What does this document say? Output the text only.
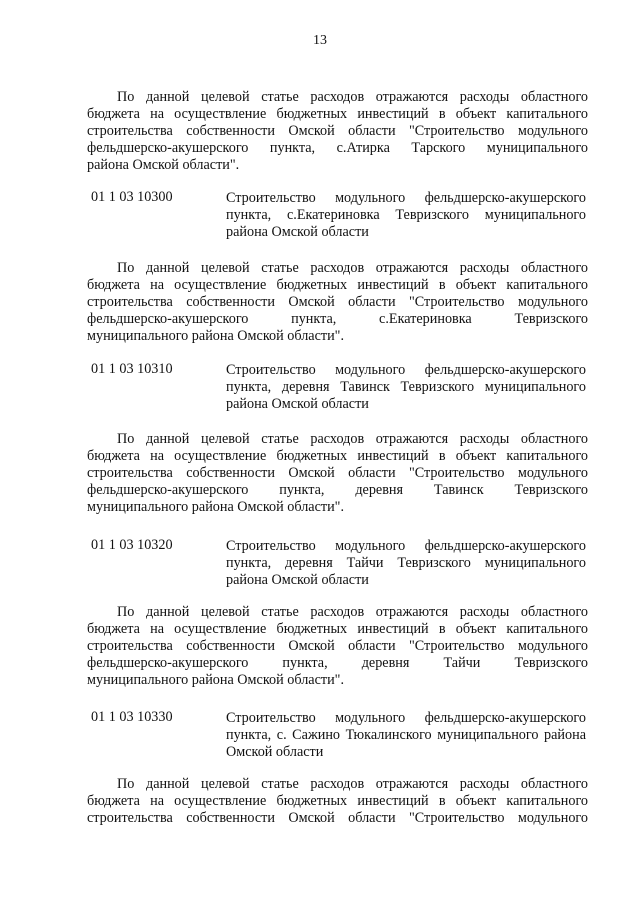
13
По данной целевой статье расходов отражаются расходы областного
бюджета на осуществление бюджетных инвестиций в объект капитального
строительства собственности Омской области "Строительство модульного
фельдшерско-акушерского пункта, с.Атирка Тарского муниципального
района Омской области".
01 1 03 10300	Строительство модульного фельдшерско-акушерского
пункта, с.Екатериновка Тевризского муниципального
района Омской области
По данной целевой статье расходов отражаются расходы областного
бюджета на осуществление бюджетных инвестиций в объект капитального
строительства собственности Омской области "Строительство модульного
фельдшерско-акушерского пункта, с.Екатериновка Тевризского
муниципального района Омской области".
01 1 03 10310	Строительство модульного фельдшерско-акушерского
пункта, деревня Тавинск Тевризского муниципального
района Омской области
По данной целевой статье расходов отражаются расходы областного
бюджета на осуществление бюджетных инвестиций в объект капитального
строительства собственности Омской области "Строительство модульного
фельдшерско-акушерского пункта, деревня Тавинск Тевризского
муниципального района Омской области".
01 1 03 10320	Строительство модульного фельдшерско-акушерского
пункта, деревня Тайчи Тевризского муниципального
района Омской области
По данной целевой статье расходов отражаются расходы областного
бюджета на осуществление бюджетных инвестиций в объект капитального
строительства собственности Омской области "Строительство модульного
фельдшерско-акушерского пункта, деревня Тайчи Тевризского
муниципального района Омской области".
01 1 03 10330	Строительство модульного фельдшерско-акушерского
пункта, с. Сажино Тюкалинского муниципального района
Омской области
По данной целевой статье расходов отражаются расходы областного
бюджета на осуществление бюджетных инвестиций в объект капитального
строительства собственности Омской области "Строительство модульного
